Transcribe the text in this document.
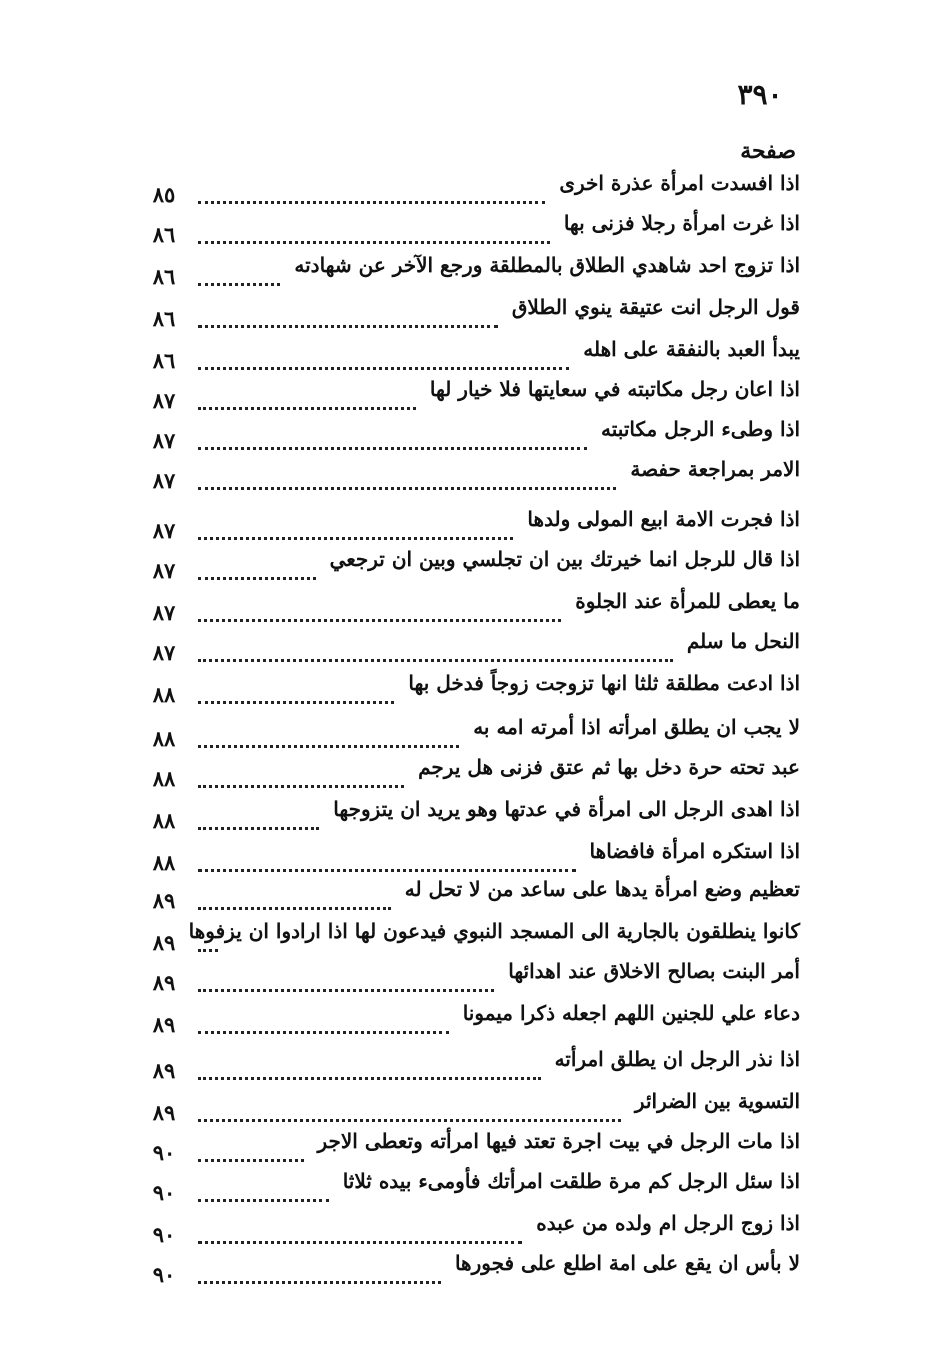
٣٩٠
صفحة
اذا افسدت امرأة عذرة اخرى
٨٥
اذا غرت امرأة رجلا فزنى بها
٨٦
اذا تزوج احد شاهدي الطلاق بالمطلقة ورجع الآخر عن شهادته
٨٦
قول الرجل انت عتيقة ينوي الطلاق
٨٦
يبدأ العبد بالنفقة على اهله
٨٦
اذا اعان رجل مكاتبته في سعايتها فلا خيار لها
٨٧
اذا وطىء الرجل مكاتبته
٨٧
الامر بمراجعة حفصة
٨٧
اذا فجرت الامة ابيع المولى ولدها
٨٧
اذا قال للرجل انما خيرتك بين ان تجلسي وبين ان ترجعي
٨٧
ما يعطى للمرأة عند الجلوة
٨٧
النحل ما سلم
٨٧
اذا ادعت مطلقة ثلثا انها تزوجت زوجاً فدخل بها
٨٨
لا يجب ان يطلق امرأته اذا أمرته امه به
٨٨
عبد تحته حرة دخل بها ثم عتق فزنى هل يرجم
٨٨
اذا اهدى الرجل الى امرأة في عدتها وهو يريد ان يتزوجها
٨٨
اذا استكره امرأة فافضاها
٨٨
تعظيم وضع امرأة يدها على ساعد من لا تحل له
٨٩
كانوا ينطلقون بالجارية الى المسجد النبوي فيدعون لها اذا ارادوا ان يزفوها
٨٩
أمر البنت بصالح الاخلاق عند اهدائها
٨٩
دعاء علي للجنين اللهم اجعله ذكرا ميمونا
٨٩
اذا نذر الرجل ان يطلق امرأته
٨٩
التسوية بين الضرائر
٨٩
اذا مات الرجل في بيت اجرة تعتد فيها امرأته وتعطى الاجر
٩٠
اذا سئل الرجل كم مرة طلقت امرأتك فأومىء بيده ثلاثا
٩٠
اذا زوج الرجل ام ولده من عبده
٩٠
لا بأس ان يقع على امة اطلع على فجورها
٩٠
